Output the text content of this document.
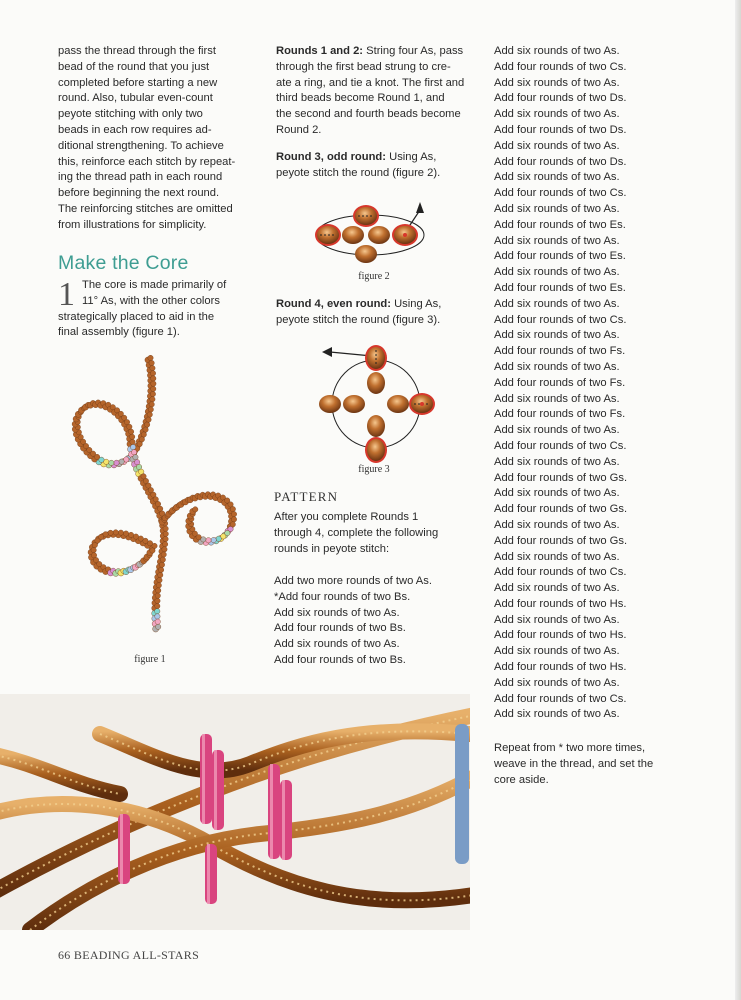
pass the thread through the first
bead of the round that you just
completed before starting a new
round. Also, tubular even-count
peyote stitching with only two
beads in each row requires ad-
ditional strengthening. To achieve
this, reinforce each stitch by repeat-
ing the thread path in each round
before beginning the next round.
The reinforcing stitches are omitted
from illustrations for simplicity.
Make the Core
1 The core is made primarily of
11° As, with the other colors
strategically placed to aid in the
final assembly (figure 1).
figure 1

Rounds 1 and 2: String four As, pass
through the first bead strung to cre-
ate a ring, and tie a knot. The first and
third beads become Round 1, and
the second and fourth beads become
Round 2.

Round 3, odd round: Using As,
peyote stitch the round (figure 2).

figure 2
Round 4, even round: Using As,
peyote stitch the round (figure 3).
figure 3
PATTERN
After you complete Rounds 1
through 4, complete the following
rounds in peyote stitch:
Add two more rounds of two As.
*Add four rounds of two Bs.
Add six rounds of two As.
Add four rounds of two Bs.
Add six rounds of two As.
Add four rounds of two Bs.
Add six rounds of two As.
Add four rounds of two Cs.
Add six rounds of two As.
Add four rounds of two Ds.
Add six rounds of two As.
Add four rounds of two Ds.
Add six rounds of two As.
Add four rounds of two Ds.
Add six rounds of two As.
Add four rounds of two Cs.
Add six rounds of two As.
Add four rounds of two Es.
Add six rounds of two As.
Add four rounds of two Es.
Add six rounds of two As.
Add four rounds of two Es.
Add six rounds of two As.
Add four rounds of two Cs.
Add six rounds of two As.
Add four rounds of two Fs.
Add six rounds of two As.
Add four rounds of two Fs.
Add six rounds of two As.
Add four rounds of two Fs.
Add six rounds of two As.
Add four rounds of two Cs.
Add six rounds of two As.
Add four rounds of two Gs.
Add six rounds of two As.
Add four rounds of two Gs.
Add six rounds of two As.
Add four rounds of two Gs.
Add six rounds of two As.
Add four rounds of two Cs.
Add six rounds of two As.
Add four rounds of two Hs.
Add six rounds of two As.
Add four rounds of two Hs.
Add six rounds of two As.
Add four rounds of two Hs.
Add six rounds of two As.
Add four rounds of two Cs.
Add six rounds of two As.
Repeat from * two more times,
weave in the thread, and set the
core aside.
66 BEADING ALL-STARS
